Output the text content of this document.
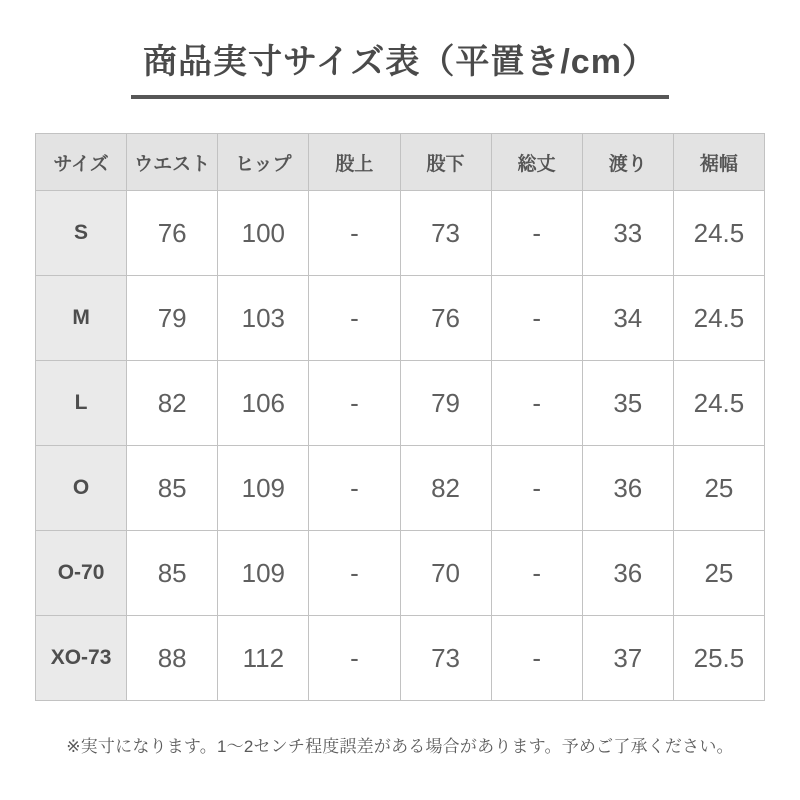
商品実寸サイズ表（平置き/cm）
サイズ	ウエスト	ヒップ	股上	股下	総丈	渡り	裾幅
S	76	100	-	73	-	33	24.5
M	79	103	-	76	-	34	24.5
L	82	106	-	79	-	35	24.5
O	85	109	-	82	-	36	25
O-70	85	109	-	70	-	36	25
XO-73	88	112	-	73	-	37	25.5
※実寸になります。1〜2センチ程度誤差がある場合があります。予めご了承ください。
